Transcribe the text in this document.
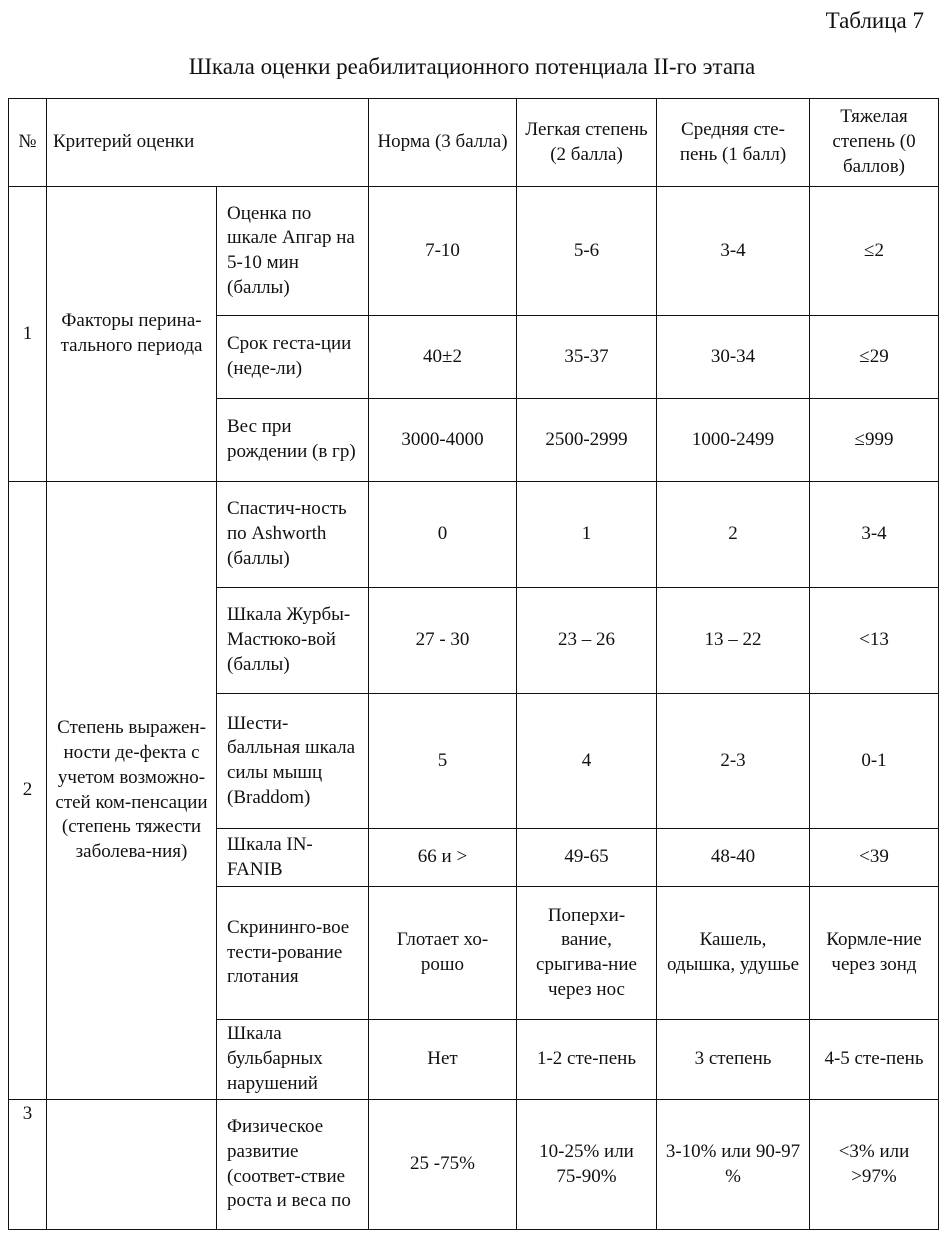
Таблица 7
Шкала оценки реабилитационного потенциала II-го этапа
№	Критерий оценки		Норма (3 балла)	Легкая степень (2 балла)	Средняя сте-пень (1 балл)	Тяжелая степень (0 баллов)
1	Факторы перина-тального периода	Оценка по шкале Апгар на 5-10 мин (баллы)	7-10	5-6	3-4	≤2
		Срок геста-ции (неде-ли)	40±2	35-37	30-34	≤29
		Вес при рождении (в гр)	3000-4000	2500-2999	1000-2499	≤999
2	Степень выражен-ности де-фекта с учетом возможно-стей ком-пенсации (степень тяжести заболева-ния)	Спастич-ность по Ashworth (баллы)	0	1	2	3-4
		Шкала Журбы-Мастюко-вой (баллы)	27 - 30	23 – 26	13 – 22	<13
		Шести-балльная шкала силы мышц (Braddom)	5	4	2-3	0-1
		Шкала IN-FANIB	66 и >	49-65	48-40	<39
		Скрининго-вое тести-рование глотания	Глотает хо-рошо	Поперхи-вание, срыгива-ние через нос	Кашель, одышка, удушье	Кормле-ние через зонд
		Шкала бульбарных нарушений	Нет	1-2 сте-пень	3 степень	4-5 сте-пень
3		Физическое развитие (соответ-ствие роста и веса по	25 -75%	10-25% или 75-90%	3-10% или 90-97 %	<3% или >97%
